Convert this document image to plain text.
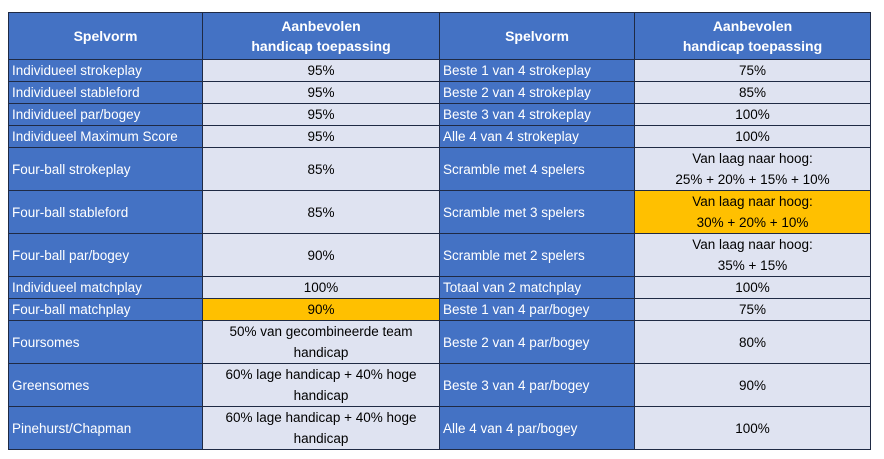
Spelvorm	Aanbevolen
handicap toepassing	Spelvorm	Aanbevolen
handicap toepassing

Individueel strokeplay	95%	Beste 1 van 4 strokeplay	75%

Individueel stableford	95%	Beste 2 van 4 strokeplay	85%

Individueel par/bogey	95%	Beste 3 van 4 strokeplay	100%

Individueel Maximum Score	95%	Alle 4 van 4 strokeplay	100%

Four-ball strokeplay	85%	Scramble met 4 spelers	Van laag naar hoog:
25% + 20% + 15% + 10%

Four-ball stableford	85%	Scramble met 3 spelers	Van laag naar hoog:
30% + 20% + 10%

Four-ball par/bogey	90%	Scramble met 2 spelers	Van laag naar hoog:
35% + 15%

Individueel matchplay	100%	Totaal van 2 matchplay	100%

Four-ball matchplay	90%	Beste 1 van 4 par/bogey	75%

Foursomes	50% van gecombineerde team
handicap	Beste 2 van 4 par/bogey	80%

Greensomes	60% lage handicap + 40% hoge
handicap	Beste 3 van 4 par/bogey	90%

Pinehurst/Chapman	60% lage handicap + 40% hoge
handicap	Alle 4 van 4 par/bogey	100%
